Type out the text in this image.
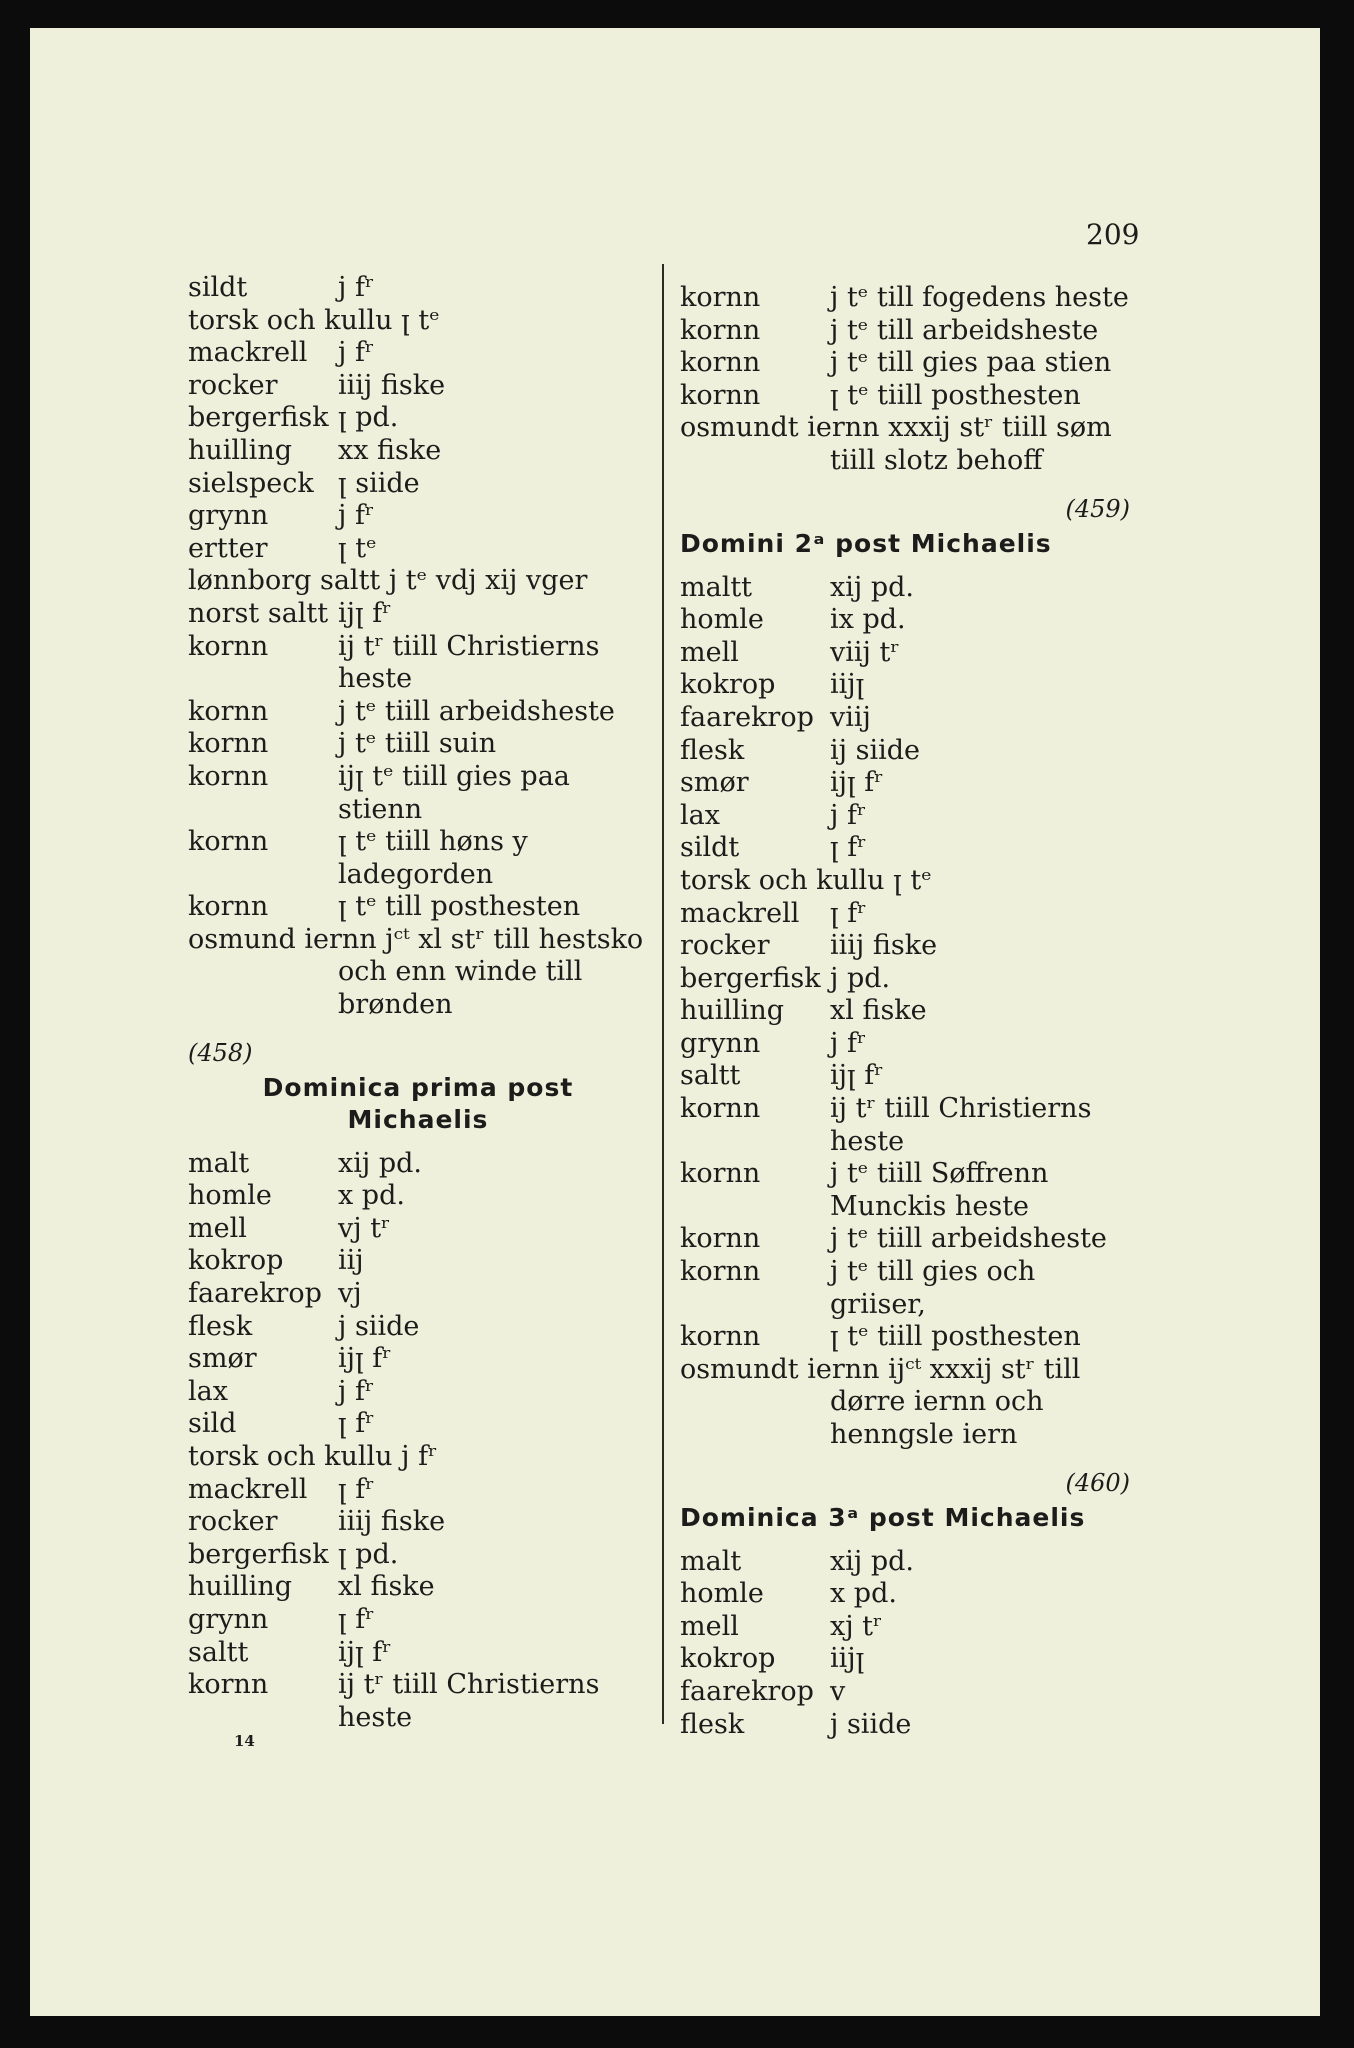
209
sildt	j fʳ
torsk och kullu ꞁ tᵉ
mackrell	j fʳ
rocker	iiij fiske
bergerfisk ꞁ pd.
huilling	xx fiske
sielspeck ꞁ siide
grynn	j fʳ
ertter	ꞁ tᵉ
lønnborg saltt j tᵉ vdj xij vger
norst saltt ijꞁ fʳ
kornn	ij tʳ tiill Christierns heste
kornn	j tᵉ tiill arbeidsheste
kornn	j tᵉ tiill suin
kornn	ijꞁ tᵉ tiill gies paa stienn
kornn	ꞁ tᵉ tiill høns y ladegorden
kornn	ꞁ tᵉ till posthesten
osmund iernn jᶜᵗ xl stʳ till hestsko och enn winde till brønden
(458)
Dominica prima post Michaelis
malt	xij pd.
homle	x pd.
mell	vj tʳ
kokrop	iij
faarekrop vj
flesk	j siide
smør	ijꞁ fʳ
lax	j fʳ
sild	ꞁ fʳ
torsk och kullu j fʳ
mackrell	ꞁ fʳ
rocker	iiij fiske
bergerfisk ꞁ pd.
huilling	xl fiske
grynn	ꞁ fʳ
saltt	ijꞁ fʳ
kornn	ij tʳ tiill Christierns heste
kornn	j tᵉ till fogedens heste
kornn	j tᵉ till arbeidsheste
kornn	j tᵉ till gies paa stien
kornn	ꞁ tᵉ tiill posthesten
osmundt iernn xxxij stʳ tiill søm tiill slotz behoff
(459)
Domini 2ᵃ post Michaelis
maltt	xij pd.
homle	ix pd.
mell	viij tʳ
kokrop	iijꞁ
faarekrop viij
flesk	ij siide
smør	ijꞁ fʳ
lax	j fʳ
sildt	ꞁ fʳ
torsk och kullu ꞁ tᵉ
mackrell	ꞁ fʳ
rocker	iiij fiske
bergerfisk j pd.
huilling	xl fiske
grynn	j fʳ
saltt	ijꞁ fʳ
kornn	ij tʳ tiill Christierns heste
kornn	j tᵉ tiill Søffrenn Munckis heste
kornn	j tᵉ tiill arbeidsheste
kornn	j tᵉ till gies och griiser,
kornn	ꞁ tᵉ tiill posthesten
osmundt iernn ijᶜᵗ xxxij stʳ till dørre iernn och henngsle iern
(460)
Dominica 3ᵃ post Michaelis
malt	xij pd.
homle	x pd.
mell	xj tʳ
kokrop	iijꞁ
faarekrop v
flesk	j siide
14
